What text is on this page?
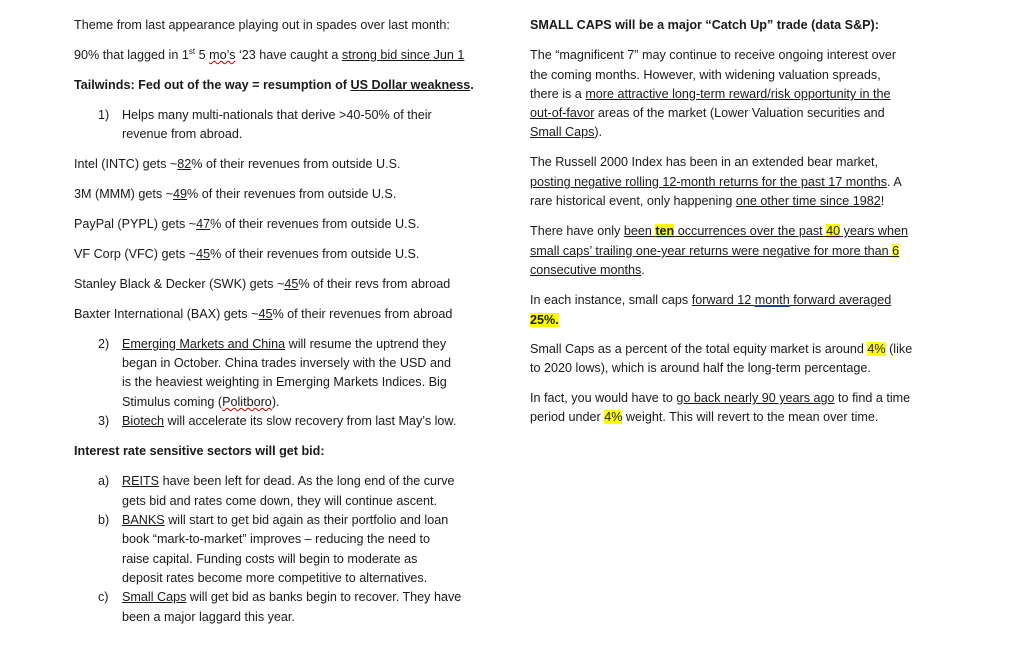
Theme from last appearance playing out in spades over last month:
90% that lagged in 1st 5 mo’s ‘23 have caught a strong bid since Jun 1
Tailwinds: Fed out of the way = resumption of US Dollar weakness.
1) Helps many multi-nationals that derive >40-50% of their
revenue from abroad.
Intel (INTC) gets ~82% of their revenues from outside U.S.
3M (MMM) gets ~49% of their revenues from outside U.S.
PayPal (PYPL) gets ~47% of their revenues from outside U.S.
VF Corp (VFC) gets ~45% of their revenues from outside U.S.
Stanley Black & Decker (SWK) gets ~45% of their revs from abroad
Baxter International (BAX) gets ~45% of their revenues from abroad
2) Emerging Markets and China will resume the uptrend they
began in October. China trades inversely with the USD and
is the heaviest weighting in Emerging Markets Indices. Big
Stimulus coming (Politboro).
3) Biotech will accelerate its slow recovery from last May’s low.
Interest rate sensitive sectors will get bid:
a) REITS have been left for dead. As the long end of the curve
gets bid and rates come down, they will continue ascent.
b) BANKS will start to get bid again as their portfolio and loan
book “mark-to-market” improves – reducing the need to
raise capital. Funding costs will begin to moderate as
deposit rates become more competitive to alternatives.
c) Small Caps will get bid as banks begin to recover. They have
been a major laggard this year.
SMALL CAPS will be a major “Catch Up” trade (data S&P):
The “magnificent 7” may continue to receive ongoing interest over
the coming months. However, with widening valuation spreads,
there is a more attractive long-term reward/risk opportunity in the
out-of-favor areas of the market (Lower Valuation securities and
Small Caps).
The Russell 2000 Index has been in an extended bear market,
posting negative rolling 12-month returns for the past 17 months. A
rare historical event, only happening one other time since 1982!
There have only been ten occurrences over the past 40 years when
small caps’ trailing one-year returns were negative for more than 6
consecutive months.
In each instance, small caps forward 12 month forward averaged
25%.
Small Caps as a percent of the total equity market is around 4% (like
to 2020 lows), which is around half the long-term percentage.
In fact, you would have to go back nearly 90 years ago to find a time
period under 4% weight. This will revert to the mean over time.
